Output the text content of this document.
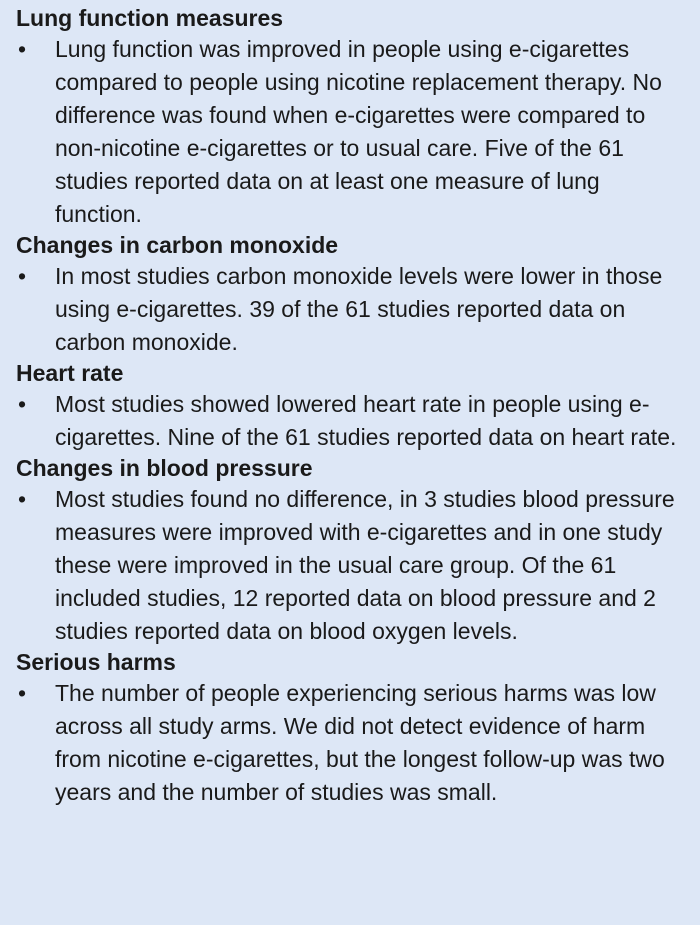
Lung function measures
• Lung function was improved in people using e-cigarettes compared to people using nicotine replacement therapy. No difference was found when e-cigarettes were compared to non-nicotine e-cigarettes or to usual care. Five of the 61 studies reported data on at least one measure of lung function.
Changes in carbon monoxide
• In most studies carbon monoxide levels were lower in those using e-cigarettes. 39 of the 61 studies reported data on carbon monoxide.
Heart rate
• Most studies showed lowered heart rate in people using e-cigarettes. Nine of the 61 studies reported data on heart rate.
Changes in blood pressure
• Most studies found no difference, in 3 studies blood pressure measures were improved with e-cigarettes and in one study these were improved in the usual care group. Of the 61 included studies, 12 reported data on blood pressure and 2 studies reported data on blood oxygen levels.
Serious harms
• The number of people experiencing serious harms was low across all study arms. We did not detect evidence of harm from nicotine e-cigarettes, but the longest follow-up was two years and the number of studies was small.
